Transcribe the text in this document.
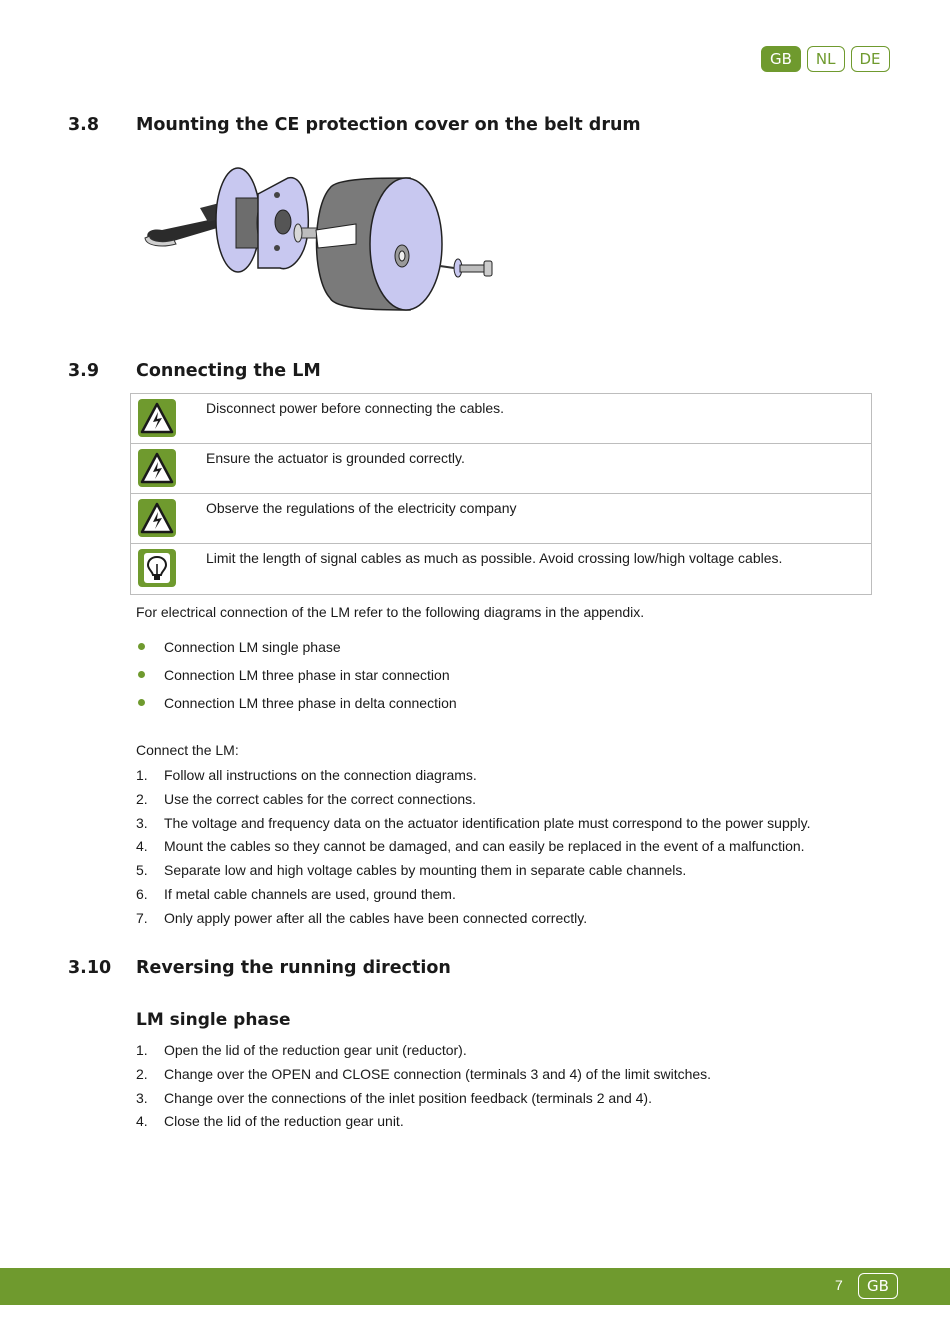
GB	NL	DE
3.8 Mounting the CE protection cover on the belt drum
3.9 Connecting the LM
Disconnect power before connecting the cables.
Ensure the actuator is grounded correctly.
Observe the regulations of the electricity company
Limit the length of signal cables as much as possible. Avoid crossing low/high voltage cables.
For electrical connection of the LM refer to the following diagrams in the appendix.
Connection LM single phase
Connection LM three phase in star connection
Connection LM three phase in delta connection
Connect the LM:
1. Follow all instructions on the connection diagrams.
2. Use the correct cables for the correct connections.
3. The voltage and frequency data on the actuator identification plate must correspond to the power supply.
4. Mount the cables so they cannot be damaged, and can easily be replaced in the event of a malfunction.
5. Separate low and high voltage cables by mounting them in separate cable channels.
6. If metal cable channels are used, ground them.
7. Only apply power after all the cables have been connected correctly.
3.10 Reversing the running direction
LM single phase
1. Open the lid of the reduction gear unit (reductor).
2. Change over the OPEN and CLOSE connection (terminals 3 and 4) of the limit switches.
3. Change over the connections of the inlet position feedback (terminals 2 and 4).
4. Close the lid of the reduction gear unit.
7	GB
